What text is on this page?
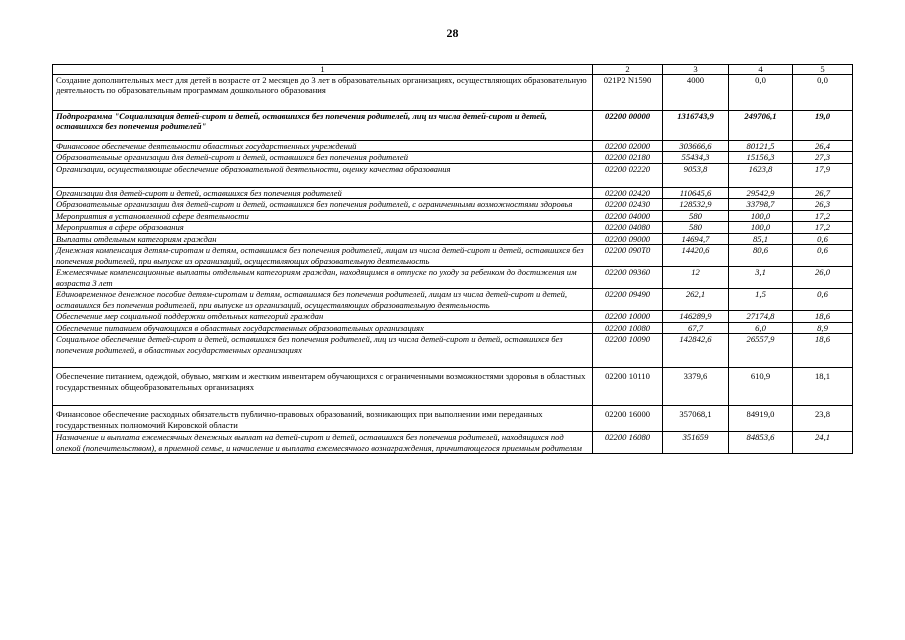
28
1	2	3	4	5
Создание дополнительных мест для детей в возрасте от 2 месяцев до 3 лет в образовательных организациях, осуществляющих образовательную деятельность по образовательным программам дошкольного образования	021P2 N1590	4000	0,0	0,0
Подпрограмма "Социализация детей-сирот и детей, оставшихся без попечения родителей, лиц из числа детей-сирот и детей, оставшихся без попечения родителей"	02200 00000	1316743,9	249706,1	19,0
Финансовое обеспечение деятельности областных государственных учреждений	02200 02000	303666,6	80121,5	26,4
Образовательные организации для детей-сирот и детей, оставшихся без попечения родителей	02200 02180	55434,3	15156,3	27,3
Организации, осуществляющие обеспечение образовательной деятельности, оценку качества образования	02200 02220	9053,8	1623,8	17,9
Организации для детей-сирот и детей, оставшихся без попечения родителей	02200 02420	110645,6	29542,9	26,7
Образовательные организации для детей-сирот и детей, оставшихся без попечения родителей, с ограниченными возможностями здоровья	02200 02430	128532,9	33798,7	26,3
Мероприятия в установленной сфере деятельности	02200 04000	580	100,0	17,2
Мероприятия в сфере образования	02200 04080	580	100,0	17,2
Выплаты отдельным категориям граждан	02200 09000	14694,7	85,1	0,6
Денежная компенсация детям-сиротам и детям, оставшимся без попечения родителей, лицам из числа детей-сирот и детей, оставшихся без попечения родителей, при выпуске из организаций, осуществляющих образовательную деятельность	02200 090Т0	14420,6	80,6	0,6
Ежемесячные компенсационные выплаты отдельным категориям граждан, находящимся в отпуске по уходу за ребенком до достижения им возраста 3 лет	02200 09360	12	3,1	26,0
Единовременное денежное пособие детям-сиротам и детям, оставшимся без попечения родителей, лицам из числа детей-сирот и детей, оставшихся без попечения родителей, при выпуске из организаций, осуществляющих образовательную деятельность	02200 09490	262,1	1,5	0,6
Обеспечение мер социальной поддержки отдельных категорий граждан	02200 10000	146289,9	27174,8	18,6
Обеспечение питанием обучающихся в областных государственных образовательных организациях	02200 10080	67,7	6,0	8,9
Социальное обеспечение детей-сирот и детей, оставшихся без попечения родителей, лиц из числа детей-сирот и детей, оставшихся без попечения родителей, в областных государственных организациях	02200 10090	142842,6	26557,9	18,6
Обеспечение питанием, одеждой, обувью, мягким и жестким инвентарем обучающихся с ограниченными возможностями здоровья в областных государственных общеобразовательных организациях	02200 10110	3379,6	610,9	18,1
Финансовое обеспечение расходных обязательств публично-правовых образований, возникающих при выполнении ими переданных государственных полномочий Кировской области	02200 16000	357068,1	84919,0	23,8
Назначение и выплата ежемесячных денежных выплат на детей-сирот и детей, оставшихся без попечения родителей, находящихся под опекой (попечительством), в приемной семье, и начисление и выплата ежемесячного вознаграждения, причитающегося приемным родителям	02200 16080	351659	84853,6	24,1
